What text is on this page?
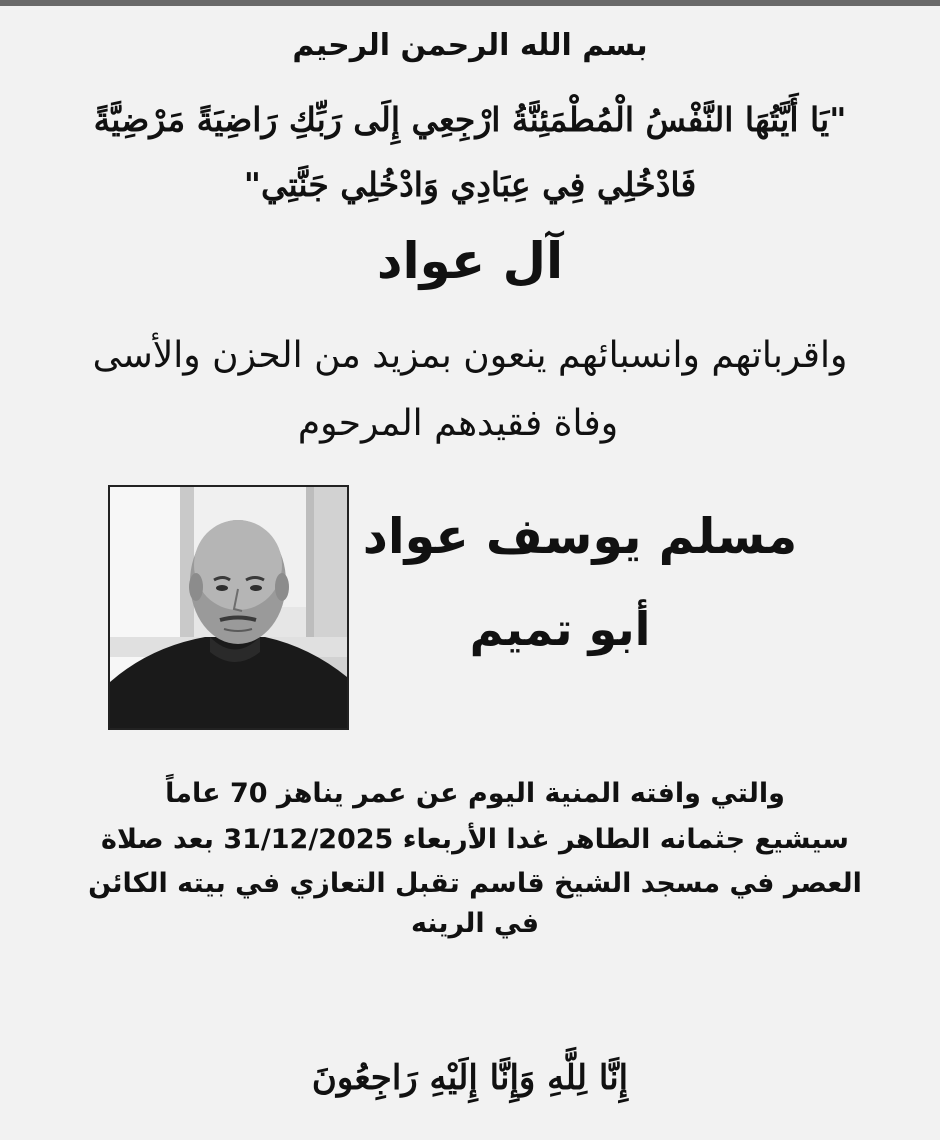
بسم الله الرحمن الرحيم
"يَا أَيَّتُهَا النَّفْسُ الْمُطْمَئِنَّةُ ارْجِعِي إِلَى رَبِّكِ رَاضِيَةً مَرْضِيَّةً
فَادْخُلِي فِي عِبَادِي وَادْخُلِي جَنَّتِي"
آل عواد
واقرباتهم وانسبائهم ينعون بمزيد من الحزن والأسى
وفاة فقيدهم المرحوم
مسلم يوسف عواد
أبو تميم
والتي وافته المنية اليوم عن عمر يناهز 70 عاماً
سيشيع جثمانه الطاهر غدا الأربعاء 31/12/2025 بعد صلاة
العصر في مسجد الشيخ قاسم تقبل التعازي في بيته الكائن
في الرينه
إِنَّا لِلَّهِ وَإِنَّا إِلَيْهِ رَاجِعُونَ
